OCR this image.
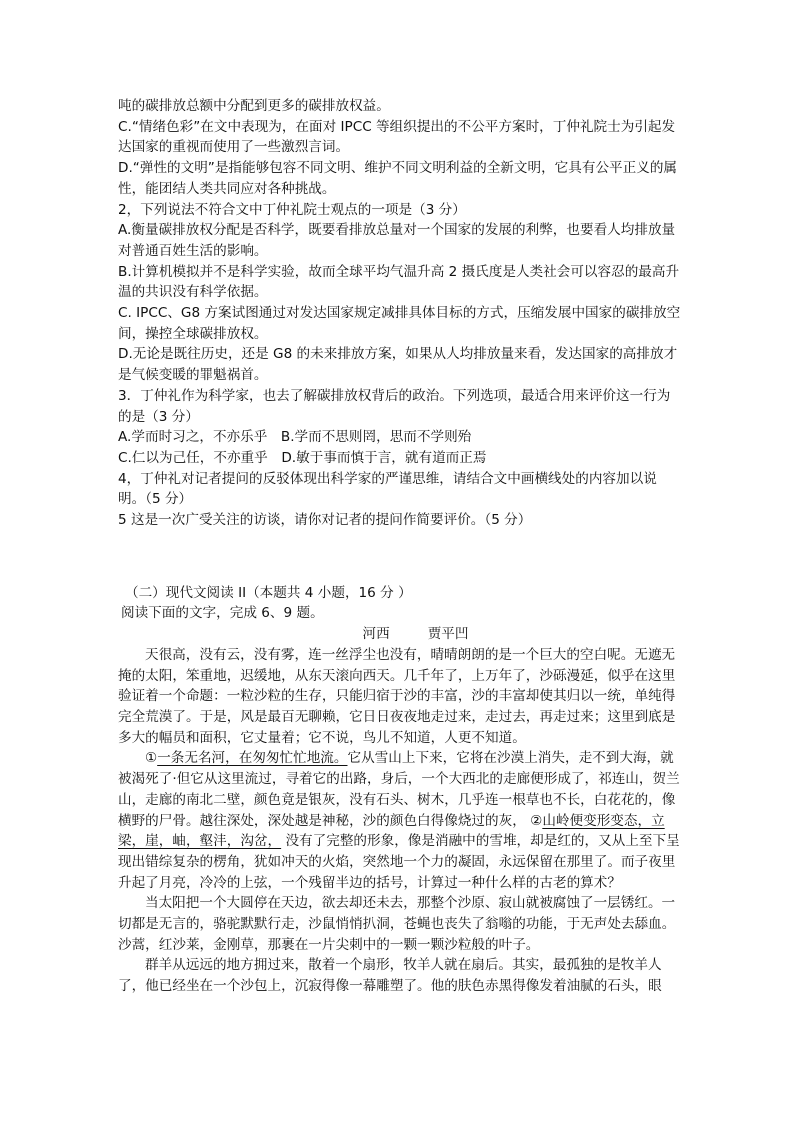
吨的碳排放总额中分配到更多的碳排放权益。

C.“情绪色彩”在文中表现为，在面对 IPCC 等组织提出的不公平方案时，丁仲礼院士为引起发达国家的重视而使用了一些激烈言词。

D.“弹性的文明”是指能够包容不同文明、维护不同文明利益的全新文明，它具有公平正义的属性，能团结人类共同应对各种挑战。

2，下列说法不符合文中丁仲礼院士观点的一项是（3 分）

A.衡量碳排放权分配是否科学，既要看排放总量对一个国家的发展的利弊，也要看人均排放量对普通百姓生活的影响。

B.计算机模拟并不是科学实验，故而全球平均气温升高 2 摄氏度是人类社会可以容忍的最高升温的共识没有科学依据。

C. IPCC、G8 方案试图通过对发达国家规定减排具体目标的方式，压缩发展中国家的碳排放空间，操控全球碳排放权。

D.无论是既往历史，还是 G8 的未来排放方案，如果从人均排放量来看，发达国家的高排放才是气候变暖的罪魁祸首。

3．丁仲礼作为科学家，也去了解碳排放权背后的政治。下列选项，最适合用来评价这一行为的是（3 分）

A.学而时习之，不亦乐乎　B.学而不思则罔，思而不学则殆

C.仁以为己任，不亦重乎　D.敏于事而慎于言，就有道而正焉

4，丁仲礼对记者提问的反驳体现出科学家的严谨思维，请结合文中画横线处的内容加以说明。（5 分）

5 这是一次广受关注的访谈，请你对记者的提问作简要评价。（5 分）

（二）现代文阅读 II（本题共 4 小题，16 分 ）

阅读下面的文字，完成 6、9 题。

河西	贾平凹

天很高，没有云，没有雾，连一丝浮尘也没有，晴晴朗朗的是一个巨大的空白呢。无遮无掩的太阳，笨重地，迟缓地，从东天滚向西天。几千年了，上万年了，沙砾漫延，似乎在这里验证着一个命题：一粒沙粒的生存，只能归宿于沙的丰富，沙的丰富却使其归以一统，单纯得完全荒漠了。于是，风是最百无聊赖，它日日夜夜地走过来，走过去，再走过来；这里到底是多大的幅员和面积，它丈量着；它不说，鸟儿不知道，人更不知道。

①一条无名河，在匆匆忙忙地流。它从雪山上下来，它将在沙漠上消失，走不到大海，就被渴死了·但它从这里流过，寻着它的出路，身后，一个大西北的走廊便形成了，祁连山，贺兰山，走廊的南北二壁，颜色竟是银灰，没有石头、树木，几乎连一根草也不长，白花花的，像横野的尸骨。越往深处，深处越是神秘，沙的颜色白得像烧过的灰， ②山岭便变形变态，立 梁，崖，岫，壑沣，沟岔， 没有了完整的形象，像是消融中的雪堆，却是红的，又从上至下呈现出错综复杂的楞角，犹如冲天的火焰，突然地一个力的凝固，永远保留在那里了。而子夜里升起了月亮，冷冷的上弦，一个残留半边的括号，计算过一种什么样的古老的算术？

当太阳把一个大圆停在天边，欲去却还未去，那整个沙原、寂山就被腐蚀了一层锈红。一切都是无言的，骆驼默默行走，沙鼠悄悄扒洞，苍蝇也丧失了翁嗡的功能，于无声处去舔血。沙蒿，红沙莱，金刚草，那裹在一片尖刺中的一颗一颗沙粒般的叶子。

群羊从远远的地方拥过来，散着一个扇形，牧羊人就在扇后。其实，最孤独的是牧羊人了，他已经坐在一个沙包上，沉寂得像一幕雕塑了。他的肤色赤黑得像发着油腻的石头，眼
